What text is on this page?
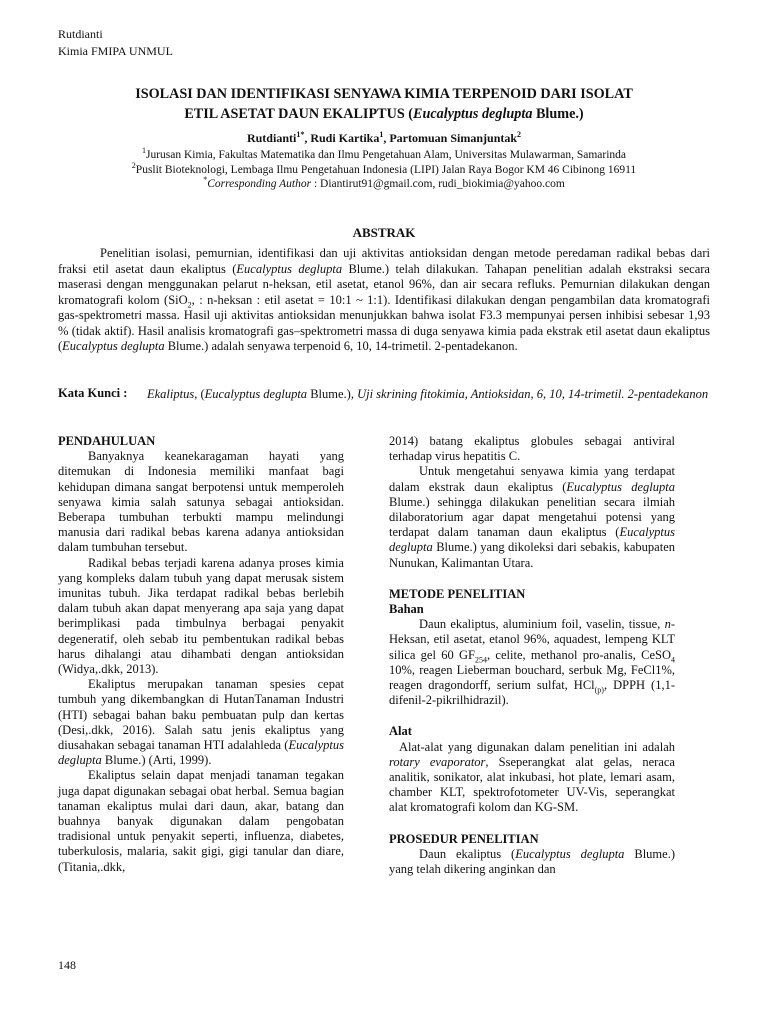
Rutdianti
Kimia FMIPA UNMUL
ISOLASI DAN IDENTIFIKASI SENYAWA KIMIA TERPENOID DARI ISOLAT
ETIL ASETAT DAUN EKALIPTUS (Eucalyptus deglupta Blume.)
Rutdianti$^{1*}$, Rudi Kartika$^1$, Partomuan Simanjuntak$^2$
$^1$Jurusan Kimia, Fakultas Matematika dan Ilmu Pengetahuan Alam, Universitas Mulawarman, Samarinda
$^2$Puslit Bioteknologi, Lembaga Ilmu Pengetahuan Indonesia (LIPI) Jalan Raya Bogor KM 46 Cibinong 16911
*Corresponding Author : Diantirut91@gmail.com, rudi_biokimia@yahoo.com
ABSTRAK

Penelitian isolasi, pemurnian, identifikasi dan uji aktivitas antioksidan dengan metode peredaman radikal bebas dari fraksi etil asetat daun ekaliptus (Eucalyptus deglupta Blume.) telah dilakukan. Tahapan penelitian adalah ekstraksi secara maserasi dengan menggunakan pelarut n-heksan, etil asetat, etanol 96%, dan air secara refluks. Pemurnian dilakukan dengan kromatografi kolom (SiO$_2$, : n-heksan : etil asetat = 10:1 ~ 1:1). Identifikasi dilakukan dengan pengambilan data kromatografi gas-spektrometri massa. Hasil uji aktivitas antioksidan menunjukkan bahwa isolat F3.3 mempunyai persen inhibisi sebesar 1,93 % (tidak aktif). Hasil analisis kromatografi gas–spektrometri massa di duga senyawa kimia pada ekstrak etil asetat daun ekaliptus (Eucalyptus deglupta Blume.) adalah senyawa terpenoid 6, 10, 14-trimetil. 2-pentadekanon.

Kata Kunci : Ekaliptus, (Eucalyptus deglupta Blume.), Uji skrining fitokimia, Antioksidan, 6, 10, 14-trimetil. 2-pentadekanon
PENDAHULUAN

Banyaknya keanekaragaman hayati yang ditemukan di Indonesia memiliki manfaat bagi kehidupan dimana sangat berpotensi untuk memperoleh senyawa kimia salah satunya sebagai antioksidan. Beberapa tumbuhan terbukti mampu melindungi manusia dari radikal bebas karena adanya antioksidan dalam tumbuhan tersebut.

Radikal bebas terjadi karena adanya proses kimia yang kompleks dalam tubuh yang dapat merusak sistem imunitas tubuh. Jika terdapat radikal bebas berlebih dalam tubuh akan dapat menyerang apa saja yang dapat berimplikasi pada timbulnya berbagai penyakit degeneratif, oleh sebab itu pembentukan radikal bebas harus dihalangi atau dihambati dengan antioksidan (Widya,.dkk, 2013).

Ekaliptus merupakan tanaman spesies cepat tumbuh yang dikembangkan di HutanTanaman Industri (HTI) sebagai bahan baku pembuatan pulp dan kertas (Desi,.dkk, 2016). Salah satu jenis ekaliptus yang diusahakan sebagai tanaman HTI adalahleda (Eucalyptus deglupta Blume.) (Arti, 1999).

Ekaliptus selain dapat menjadi tanaman tegakan juga dapat digunakan sebagai obat herbal. Semua bagian tanaman ekaliptus mulai dari daun, akar, batang dan buahnya banyak digunakan dalam pengobatan tradisional untuk penyakit seperti, influenza, diabetes, tuberkulosis, malaria, sakit gigi, gigi tanular dan diare, (Titania,.dkk,

2014) batang ekaliptus globules sebagai antiviral terhadap virus hepatitis C.

Untuk mengetahui senyawa kimia yang terdapat dalam ekstrak daun ekaliptus (Eucalyptus deglupta Blume.) sehingga dilakukan penelitian secara ilmiah dilaboratorium agar dapat mengetahui potensi yang terdapat dalam tanaman daun ekaliptus (Eucalyptus deglupta Blume.) yang dikoleksi dari sebakis, kabupaten Nunukan, Kalimantan Utara.

METODE PENELITIAN
Bahan

Daun ekaliptus, aluminium foil, vaselin, tissue, n-Heksan, etil asetat, etanol 96%, aquadest, lempeng KLT silica gel 60 $GF_{254}$, celite, methanol pro-analis, CeSO$_4$ 10%, reagen Lieberman bouchard, serbuk Mg, FeCl1%, reagen dragondorff, serium sulfat, HCl$_{(p)}$, DPPH (1,1-difenil-2-pikrilhidrazil).

Alat

Alat-alat yang digunakan dalam penelitian ini adalah rotary evaporator, Sseperangkat alat gelas, neraca analitik, sonikator, alat inkubasi, hot plate, lemari asam, chamber KLT, spektrofotometer UV-Vis, seperangkat alat kromatografi kolom dan KG-SM.

PROSEDUR PENELITIAN

Daun ekaliptus (Eucalyptus deglupta Blume.) yang telah dikering anginkan dan

148
